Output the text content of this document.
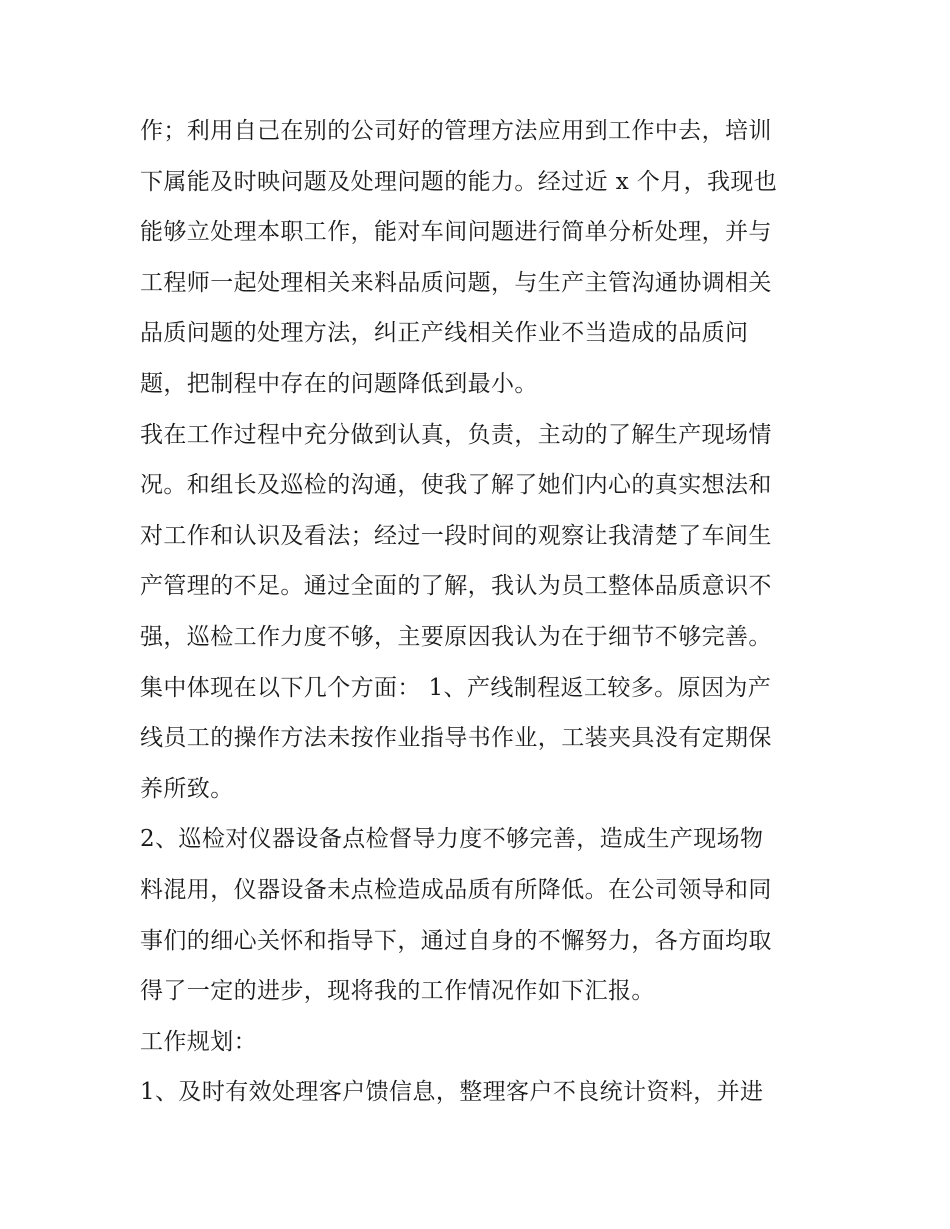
作；利用自己在别的公司好的管理方法应用到工作中去，培训
下属能及时映问题及处理问题的能力。经过近 x 个月，我现也
能够立处理本职工作，能对车间问题进行简单分析处理，并与
工程师一起处理相关来料品质问题，与生产主管沟通协调相关
品质问题的处理方法，纠正产线相关作业不当造成的品质问
题，把制程中存在的问题降低到最小。
我在工作过程中充分做到认真，负责，主动的了解生产现场情
况。和组长及巡检的沟通，使我了解了她们内心的真实想法和
对工作和认识及看法；经过一段时间的观察让我清楚了车间生
产管理的不足。通过全面的了解，我认为员工整体品质意识不
强，巡检工作力度不够，主要原因我认为在于细节不够完善。
集中体现在以下几个方面： 1、产线制程返工较多。原因为产
线员工的操作方法未按作业指导书作业，工装夹具没有定期保
养所致。
2、巡检对仪器设备点检督导力度不够完善，造成生产现场物
料混用，仪器设备未点检造成品质有所降低。在公司领导和同
事们的细心关怀和指导下，通过自身的不懈努力，各方面均取
得了一定的进步，现将我的工作情况作如下汇报。
工作规划：
1、及时有效处理客户馈信息，整理客户不良统计资料，并进
